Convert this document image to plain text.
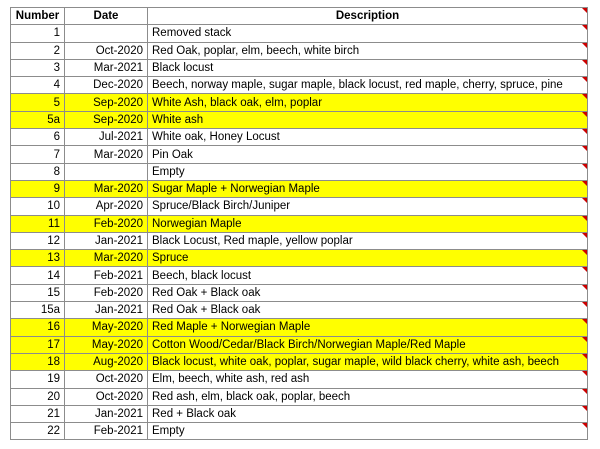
Number	Date	Description
1		Removed stack
2	Oct-2020	Red Oak, poplar, elm, beech, white birch
3	Mar-2021	Black locust
4	Dec-2020	Beech, norway maple, sugar maple, black locust, red maple, cherry, spruce, pine
5	Sep-2020	White Ash, black oak, elm, poplar
5a	Sep-2020	White ash
6	Jul-2021	White oak, Honey Locust
7	Mar-2020	Pin Oak
8		Empty
9	Mar-2020	Sugar Maple + Norwegian Maple
10	Apr-2020	Spruce/Black Birch/Juniper
11	Feb-2020	Norwegian Maple
12	Jan-2021	Black Locust, Red maple, yellow poplar
13	Mar-2020	Spruce
14	Feb-2021	Beech, black locust
15	Feb-2020	Red Oak + Black oak
15a	Jan-2021	Red Oak + Black oak
16	May-2020	Red Maple + Norwegian Maple
17	May-2020	Cotton Wood/Cedar/Black Birch/Norwegian Maple/Red Maple
18	Aug-2020	Black locust, white oak, poplar, sugar maple, wild black cherry, white ash, beech
19	Oct-2020	Elm, beech, white ash, red ash
20	Oct-2020	Red ash, elm, black oak, poplar, beech
21	Jan-2021	Red + Black oak
22	Feb-2021	Empty
